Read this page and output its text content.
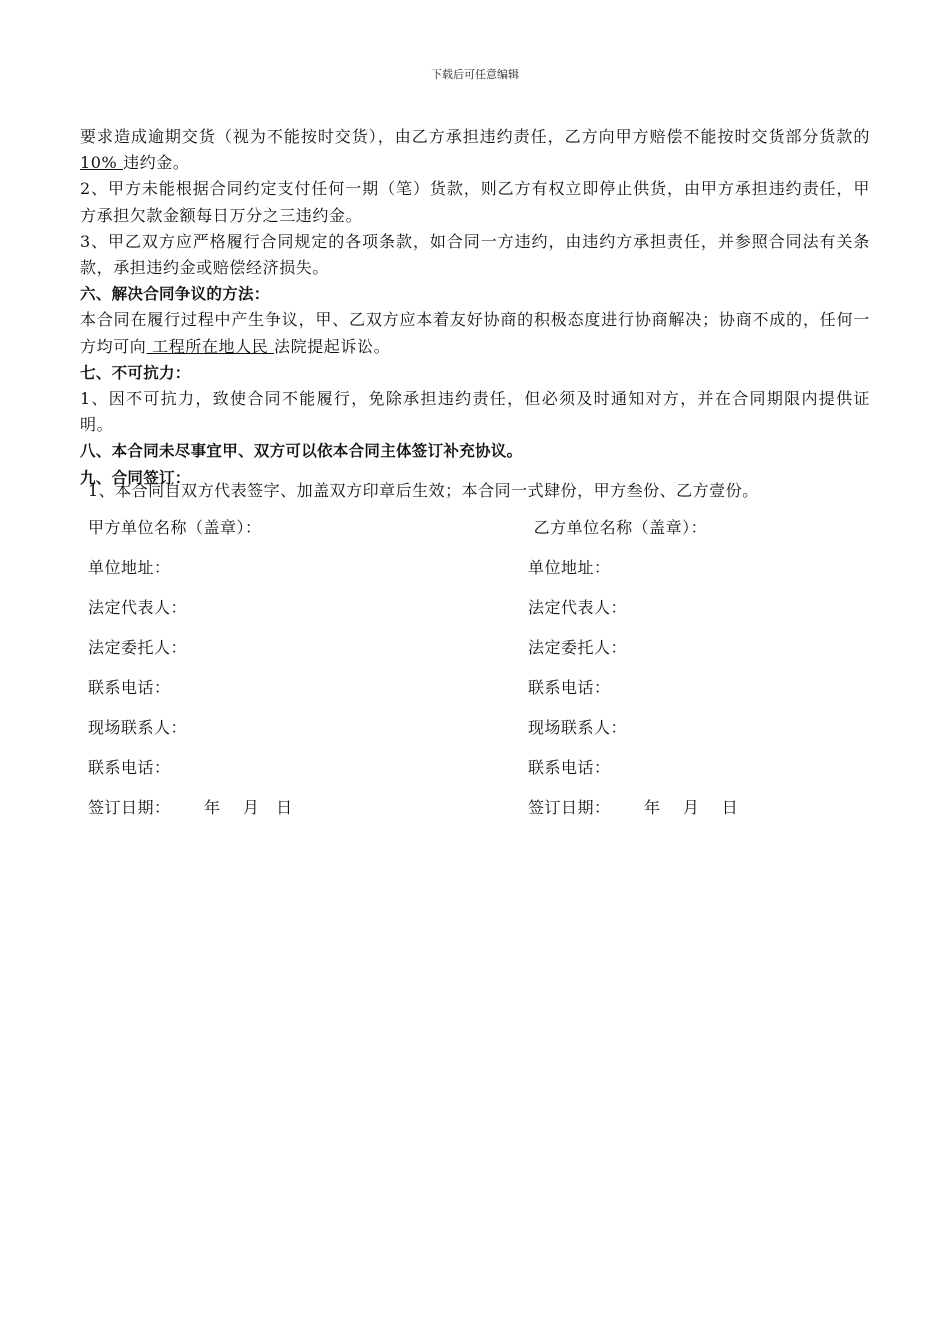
下载后可任意编辑
要求造成逾期交货（视为不能按时交货），由乙方承担违约责任，乙方向甲方赔偿不能按时交货部分货款的 10% 违约金。
2、甲方未能根据合同约定支付任何一期（笔）货款，则乙方有权立即停止供货，由甲方承担违约责任，甲方承担欠款金额每日万分之三违约金。
3、甲乙双方应严格履行合同规定的各项条款，如合同一方违约，由违约方承担责任，并参照合同法有关条款，承担违约金或赔偿经济损失。
六、解决合同争议的方法：
本合同在履行过程中产生争议，甲、乙双方应本着友好协商的积极态度进行协商解决；协商不成的，任何一方均可向 工程所在地人民 法院提起诉讼。
七、不可抗力：
1、因不可抗力，致使合同不能履行，免除承担违约责任，但必须及时通知对方，并在合同期限内提供证明。
八、本合同未尽事宜甲、双方可以依本合同主体签订补充协议。
九、合同签订：
1、本合同自双方代表签字、加盖双方印章后生效；本合同一式肆份，甲方叁份、乙方壹份。
甲方单位名称（盖章）：	乙方单位名称（盖章）：
单位地址：	单位地址：
法定代表人：	法定代表人：
法定委托人：	法定委托人：
联系电话：	联系电话：
现场联系人：	现场联系人：
联系电话：	联系电话：
签订日期：      年    月   日	签订日期：      年    月    日
